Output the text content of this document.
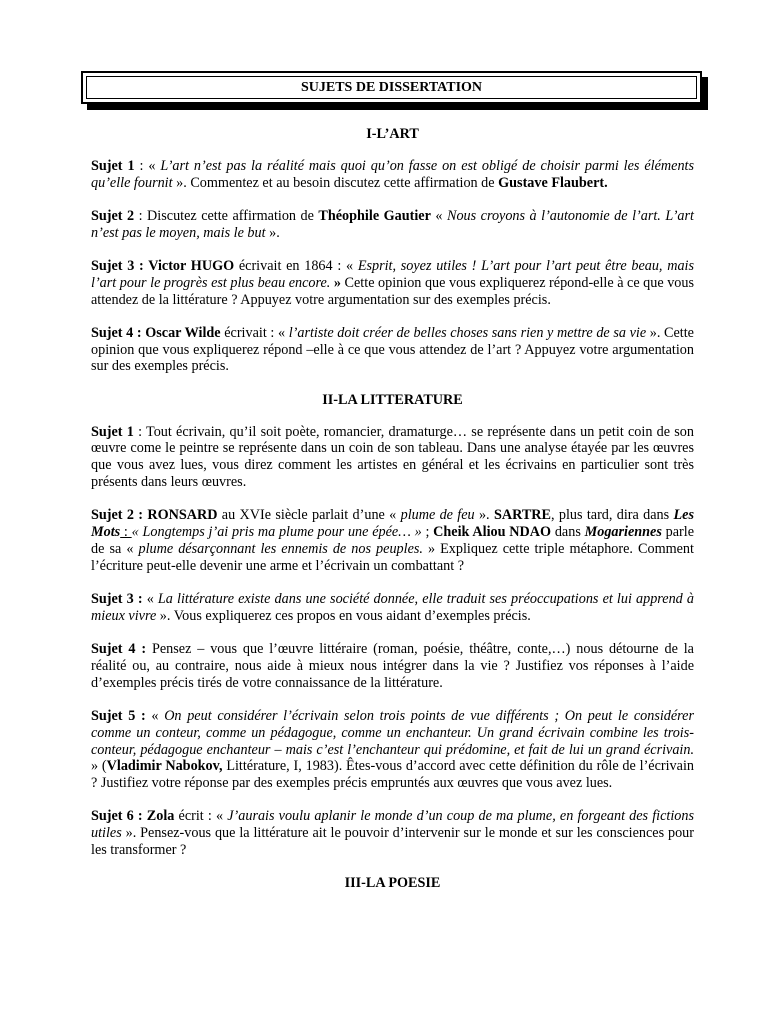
SUJETS DE DISSERTATION
I-L’ART
Sujet 1 : « L’art n’est pas la réalité mais quoi qu’on fasse on est obligé de choisir parmi les éléments qu’elle fournit ». Commentez et au besoin discutez cette affirmation de Gustave Flaubert.
Sujet 2 : Discutez cette affirmation de Théophile Gautier « Nous croyons à l’autonomie de l’art. L’art n’est pas le moyen, mais le but ».
Sujet 3 : Victor HUGO écrivait en 1864 : « Esprit, soyez utiles ! L’art pour l’art peut être beau, mais l’art pour le progrès est plus beau encore. » Cette opinion que vous expliquerez répond-elle à ce que vous attendez de la littérature ? Appuyez votre argumentation sur des exemples précis.
Sujet 4 : Oscar Wilde écrivait : « l’artiste doit créer de belles choses sans rien y mettre de sa vie ». Cette opinion que vous expliquerez répond –elle à ce que vous attendez de l’art ? Appuyez votre argumentation sur des exemples précis.
II-LA LITTERATURE
Sujet 1 : Tout écrivain, qu’il soit poète, romancier, dramaturge… se représente dans un petit coin de son œuvre come le peintre se représente dans un coin de son tableau. Dans une analyse étayée par les œuvres que vous avez lues, vous direz comment les artistes en général et les écrivains en particulier sont très présents dans leurs œuvres.
Sujet 2 : RONSARD au XVIe siècle parlait d’une « plume de feu ». SARTRE, plus tard, dira dans Les Mots : « Longtemps j’ai pris ma plume pour une épée… » ; Cheik Aliou NDAO dans Mogariennes parle de sa « plume désarçonnant les ennemis de nos peuples. » Expliquez cette triple métaphore. Comment l’écriture peut-elle devenir une arme et l’écrivain un combattant ?
Sujet 3 : « La littérature existe dans une société donnée, elle traduit ses préoccupations et lui apprend à mieux vivre ». Vous expliquerez ces propos en vous aidant d’exemples précis.
Sujet 4 : Pensez – vous que l’œuvre littéraire (roman, poésie, théâtre, conte,…) nous détourne de la réalité ou, au contraire, nous aide à mieux nous intégrer dans la vie ? Justifiez vos réponses à l’aide d’exemples précis tirés de votre connaissance de la littérature.
Sujet 5 : « On peut considérer l’écrivain selon trois points de vue différents ; On peut le considérer comme un conteur, comme un pédagogue, comme un enchanteur. Un grand écrivain combine les trois- conteur, pédagogue enchanteur – mais c’est l’enchanteur qui prédomine, et fait de lui un grand écrivain. » (Vladimir Nabokov, Littérature, I, 1983). Êtes-vous d’accord avec cette définition du rôle de l’écrivain ? Justifiez votre réponse par des exemples précis empruntés aux œuvres que vous avez lues.
Sujet 6 : Zola écrit : « J’aurais voulu aplanir le monde d’un coup de ma plume, en forgeant des fictions utiles ». Pensez-vous que la littérature ait le pouvoir d’intervenir sur le monde et sur les consciences pour les transformer ?
III-LA POESIE
